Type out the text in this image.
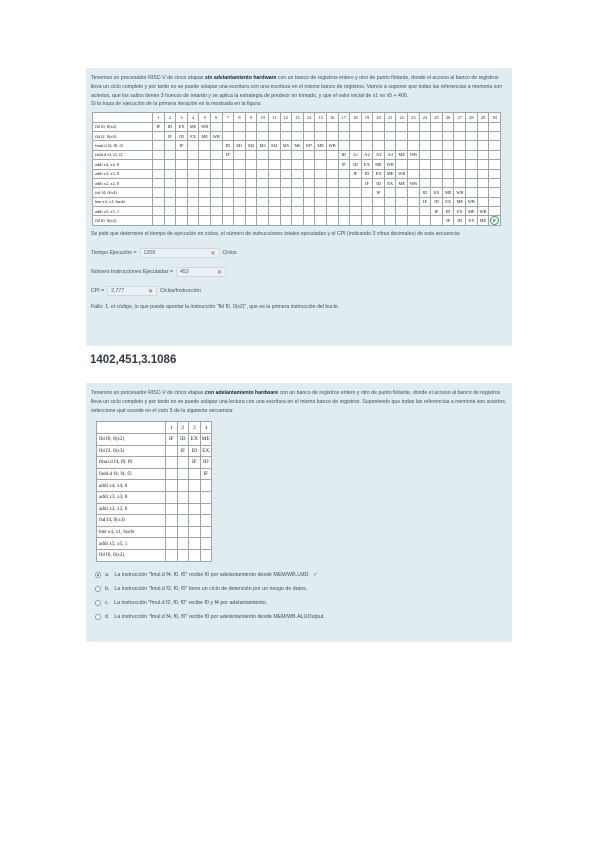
Tenemos un procesador RISC-V de cinco etapas sin adelantamiento hardware con un banco de registros entero y otro de punto flotante, donde el acceso al banco de registros lleva un ciclo completo y por tanto no se puede solapar una escritura con una escritura en el mismo banco de registros. Vamos a suponer que todas las referencias a memoria son aciertos, que los saltos tienen 3 huecos de retardo y se aplica la estrategia de predecir no tomado, y que el valor inicial de x1 es x5 + 400.

Si la traza de ejecución de la primera iteración es la mostrada en la figura:

	1	2	3	4	5	6	7	8	9	10	11	12	13	14	15	16	17	18	19	20	21	22	23	24	25	26	27	28	29	30
fld f0, 0(x2)	IF	ID	EX	ME	WB																									
fld f2, 0(x3)		IF	ID	EX	ME	WB																								
fmul.d f4, f0, f2			IF				ID	M1	M2	M3	M4	M5	M6	M7	ME	WB														
fadd.d f4, f4, f2							IF										ID	A1	A2	A3	A4	ME	WB							
addi x4, x4, 8																	IF	ID	EX	ME	WB									
addi x3, x3, 8																		IF	ID	EX	ME	WB								
addi x2, x2, 8																			IF	ID	EX	ME	WB							
fsd f4, 0(x4)																				IF				ID	EX	ME	WB			
bne x4, x1, bucle																								IF	ID	EX	ME	WB		
addi x5, x5, 1																									IF	ID	EX	ME	WB	
fld f0, 0(x2)																										IF	ID	EX	ME	IF

Se pide que determine el tiempo de ejecución en ciclos, el número de instrucciones totales ejecutadas y el CPI (indicando 3 cifras decimales) de esta secuencia:

Tiempo Ejecución = 1209	✕ Ciclos
Número Instrucciones Ejecutadas = 452	✕
CPI = 2,777	✕ Ciclos/Instrucción
Fallo: 1. el código, lo que puede apuntar la instrucción "fld f0, 0(x2)", que es la primera instrucción del bucle.
1402,451,3.1086

Tenemos un procesador RISC-V de cinco etapas con adelantamiento hardware con un banco de registros entero y otro de punto flotante, donde el acceso al banco de registros lleva un ciclo completo y por tanto no se puede solapar una lectura con una escritura en el mismo banco de registros. Suponiendo que todas las referencias a memoria son aciertos, seleccione qué sucede en el ciclo 5 de la siguiente secuencia:

	1	2	3	4
fld f0, 0(x2)	IF	ID	EX	ME
fld f2, 0(x3)		IF	ID	EX
fmul.d f4, f0, f0			IF	ID
fadd.d f4, f4, f2				IF
addi x4, x4, 8				
addi x3, x3, 8				
addi x2, x2, 8				
fsd f4, 0(x4)				
bne x4, x1, bucle				
addi x5, x5, 1				
fld f0, 0(x2)				
a. La instrucción "fmul.d f4, f0, f0" recibe f0 por adelantamiento desde MEM/WB.LMD. ✓
b. La instrucción "fmul.d f2, f0, f0" tiene un ciclo de detención por un riesgo de datos.
c. La instrucción "fmul.d f2, f0, f0" recibe f0 y f4 por adelantamiento.
d. La instrucción "fmul.d f4, f0, f0" recibe f0 por adelantamiento desde MEM/WB.ALUOutput.
